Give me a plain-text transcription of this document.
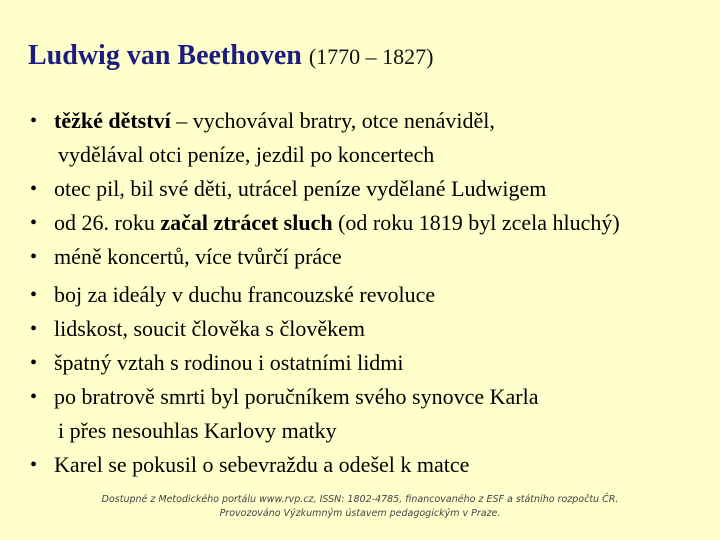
Ludwig van Beethoven (1770 – 1827)
• těžké dětství – vychovával bratry, otce nenáviděl,
vydělával otci peníze, jezdil po koncertech
• otec pil, bil své děti, utrácel peníze vydělané Ludwigem
• od 26. roku začal ztrácet sluch (od roku 1819 byl zcela hluchý)
• méně koncertů, více tvůrčí práce
• boj za ideály v duchu francouzské revoluce
• lidskost, soucit člověka s člověkem
• špatný vztah s rodinou i ostatními lidmi
• po bratrově smrti byl poručníkem svého synovce Karla
i přes nesouhlas Karlovy matky
• Karel se pokusil o sebevraždu a odešel k matce
Dostupné z Metodického portálu www.rvp.cz, ISSN: 1802-4785, financovaného z ESF a státního rozpočtu ČR.
Provozováno Výzkumným ústavem pedagogickým v Praze.
